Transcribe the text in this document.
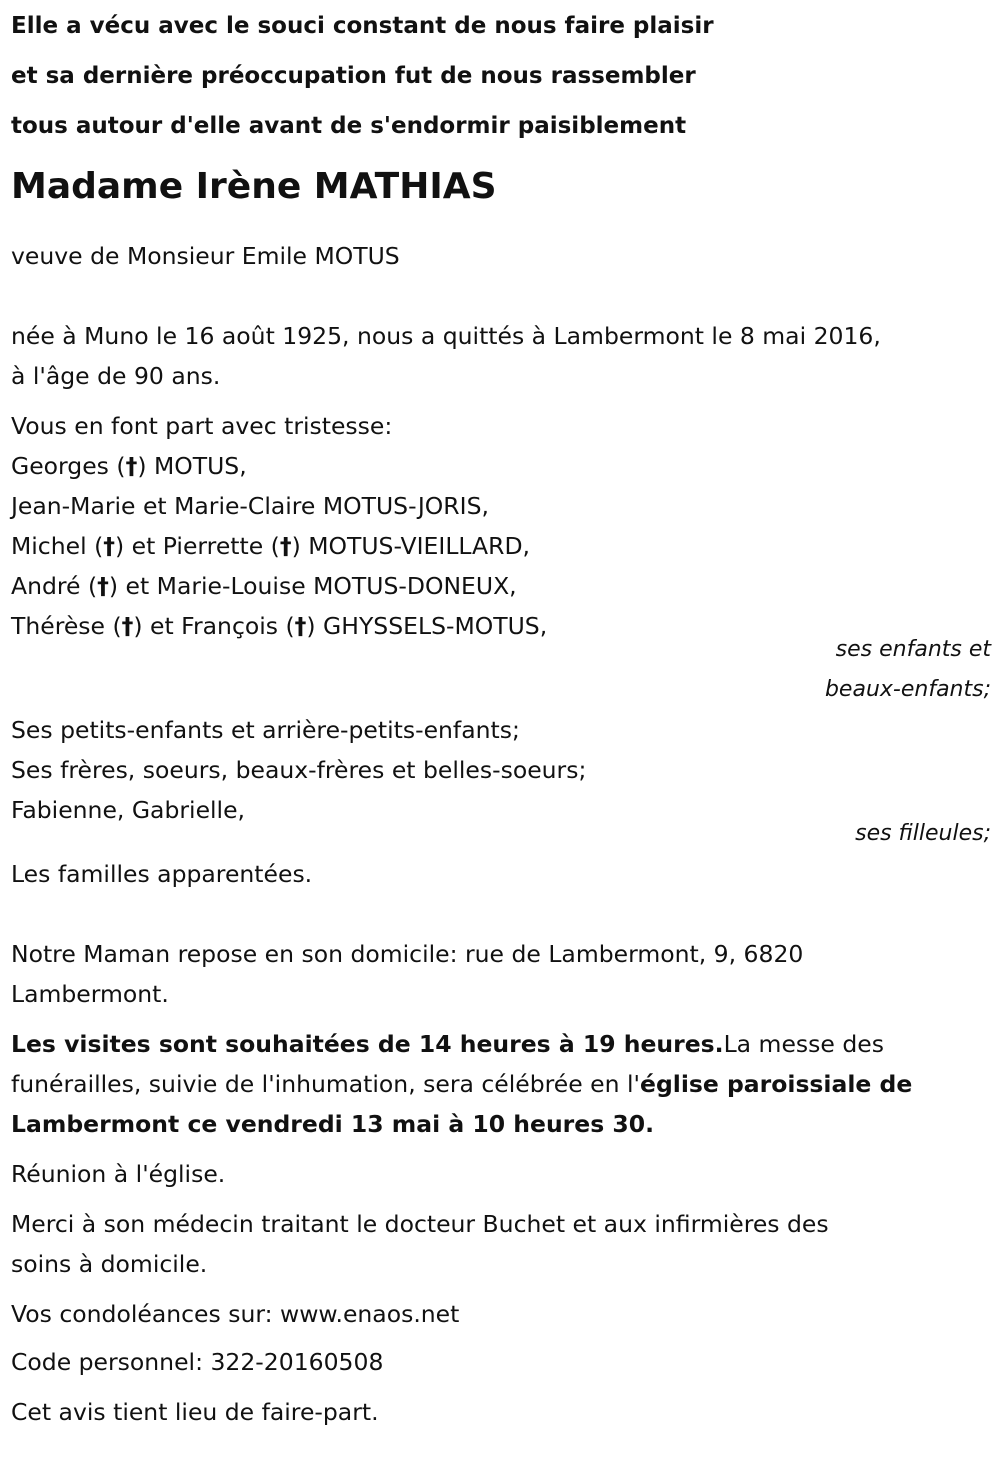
Elle a vécu avec le souci constant de nous faire plaisir
et sa dernière préoccupation fut de nous rassembler
tous autour d'elle avant de s'endormir paisiblement
Madame Irène MATHIAS
veuve de Monsieur Emile MOTUS
née à Muno le 16 août 1925, nous a quittés à Lambermont le 8 mai 2016,
à l'âge de 90 ans.
Vous en font part avec tristesse:
Georges (†) MOTUS,
Jean-Marie et Marie-Claire MOTUS-JORIS,
Michel (†) et Pierrette (†) MOTUS-VIEILLARD,
André (†) et Marie-Louise MOTUS-DONEUX,
Thérèse (†) et François (†) GHYSSELS-MOTUS,
ses enfants et
beaux-enfants;
Ses petits-enfants et arrière-petits-enfants;
Ses frères, soeurs, beaux-frères et belles-soeurs;
Fabienne, Gabrielle,
ses filleules;
Les familles apparentées.
Notre Maman repose en son domicile: rue de Lambermont, 9, 6820
Lambermont.
Les visites sont souhaitées de 14 heures à 19 heures.La messe des
funérailles, suivie de l'inhumation, sera célébrée en l'église paroissiale de
Lambermont ce vendredi 13 mai à 10 heures 30.
Réunion à l'église.
Merci à son médecin traitant le docteur Buchet et aux infirmières des
soins à domicile.
Vos condoléances sur: www.enaos.net
Code personnel: 322-20160508
Cet avis tient lieu de faire-part.
